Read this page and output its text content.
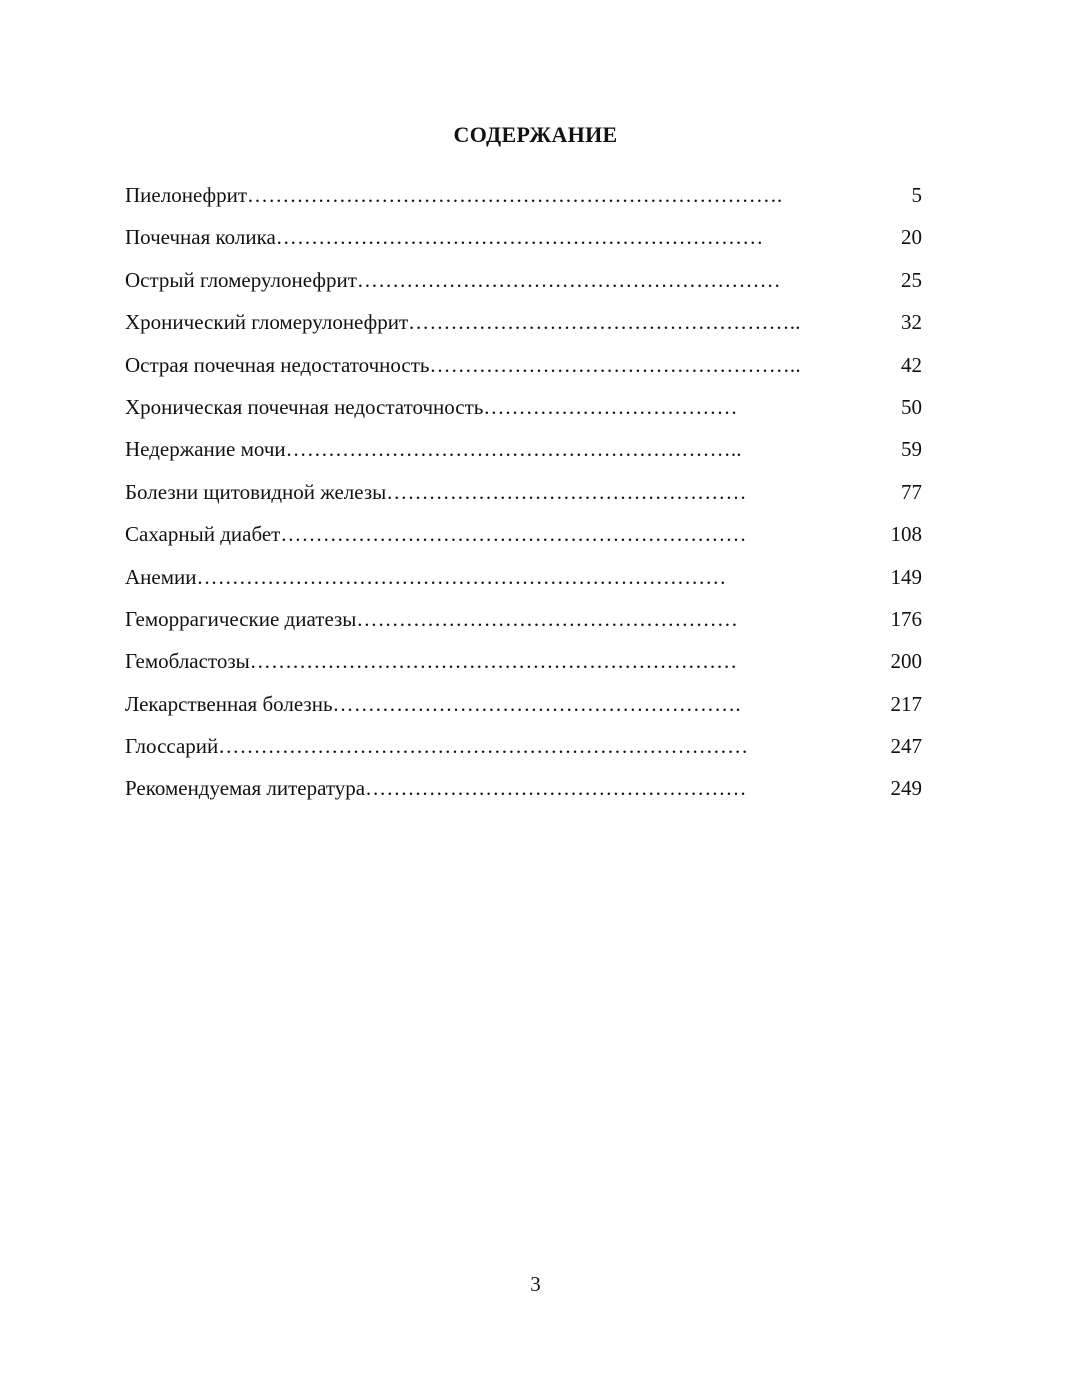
СОДЕРЖАНИЕ
Пиелонефрит………………………………………………………………….	5
Почечная колика……………………………………………………………	20
Острый гломерулонефрит……………………………………………………	25
Хронический гломерулонефрит………………………………………………..	32
Острая почечная недостаточность……………………………………………..	42
Хроническая почечная недостаточность………………………………	50
Недержание мочи………………………………………………………..	59
Болезни щитовидной железы……………………………………………	77
Сахарный диабет…………………………………………………………	108
Анемии…………………………………………………………………	149
Геморрагические диатезы………………………………………………	176
Гемобластозы……………………………………………………………	200
Лекарственная болезнь………………………………………………….	217
Глоссарий…………………………………………………………………	247
Рекомендуемая литература………………………………………………	249
3
